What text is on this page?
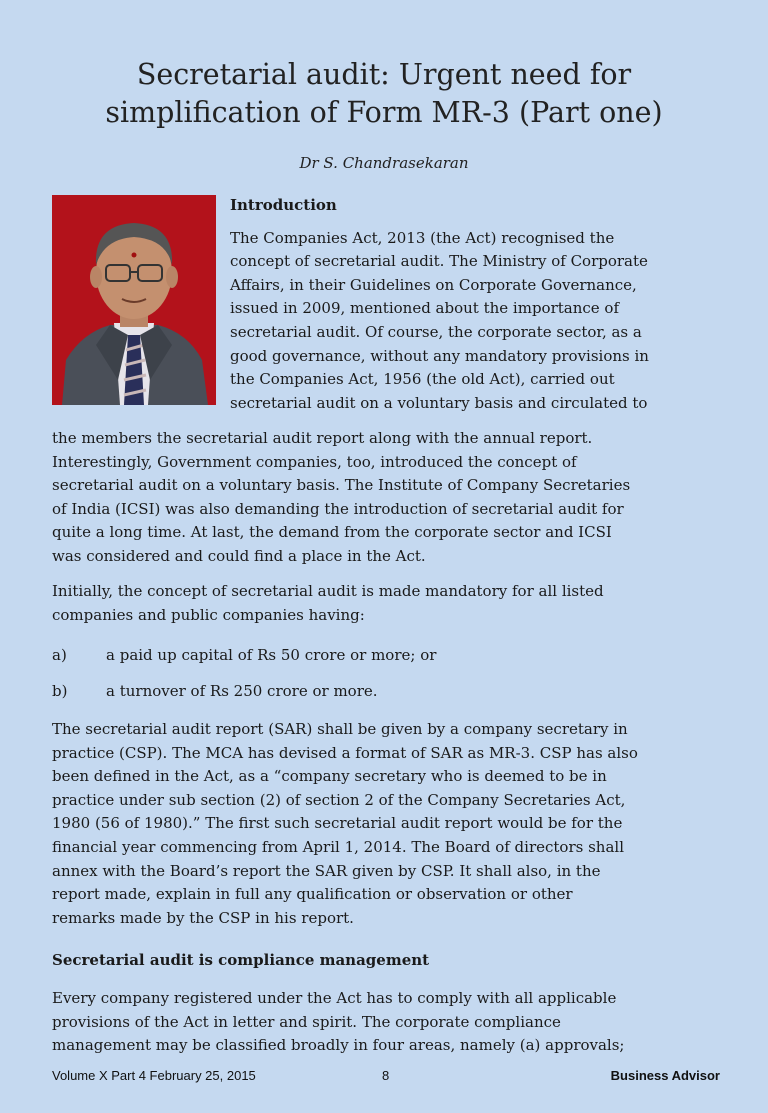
Secretarial audit: Urgent need for
simplification of Form MR-3 (Part one)
Dr S. Chandrasekaran
Introduction
The Companies Act, 2013 (the Act) recognised the
concept of secretarial audit. The Ministry of Corporate
Affairs, in their Guidelines on Corporate Governance,
issued in 2009, mentioned about the importance of
secretarial audit. Of course, the corporate sector, as a
good governance, without any mandatory provisions in
the Companies Act, 1956 (the old Act), carried out
secretarial audit on a voluntary basis and circulated to
the members the secretarial audit report along with the annual report.
Interestingly, Government companies, too, introduced the concept of
secretarial audit on a voluntary basis. The Institute of Company Secretaries
of India (ICSI) was also demanding the introduction of secretarial audit for
quite a long time. At last, the demand from the corporate sector and ICSI
was considered and could find a place in the Act.
Initially, the concept of secretarial audit is made mandatory for all listed
companies and public companies having:
a)	a paid up capital of Rs 50 crore or more; or
b)	a turnover of Rs 250 crore or more.
The secretarial audit report (SAR) shall be given by a company secretary in
practice (CSP). The MCA has devised a format of SAR as MR-3. CSP has also
been defined in the Act, as a “company secretary who is deemed to be in
practice under sub section (2) of section 2 of the Company Secretaries Act,
1980 (56 of 1980).” The first such secretarial audit report would be for the
financial year commencing from April 1, 2014. The Board of directors shall
annex with the Board’s report the SAR given by CSP. It shall also, in the
report made, explain in full any qualification or observation or other
remarks made by the CSP in his report.
Secretarial audit is compliance management
Every company registered under the Act has to comply with all applicable
provisions of the Act in letter and spirit. The corporate compliance
management may be classified broadly in four areas, namely (a) approvals;
Volume X Part 4 February 25, 2015	8	Business Advisor
